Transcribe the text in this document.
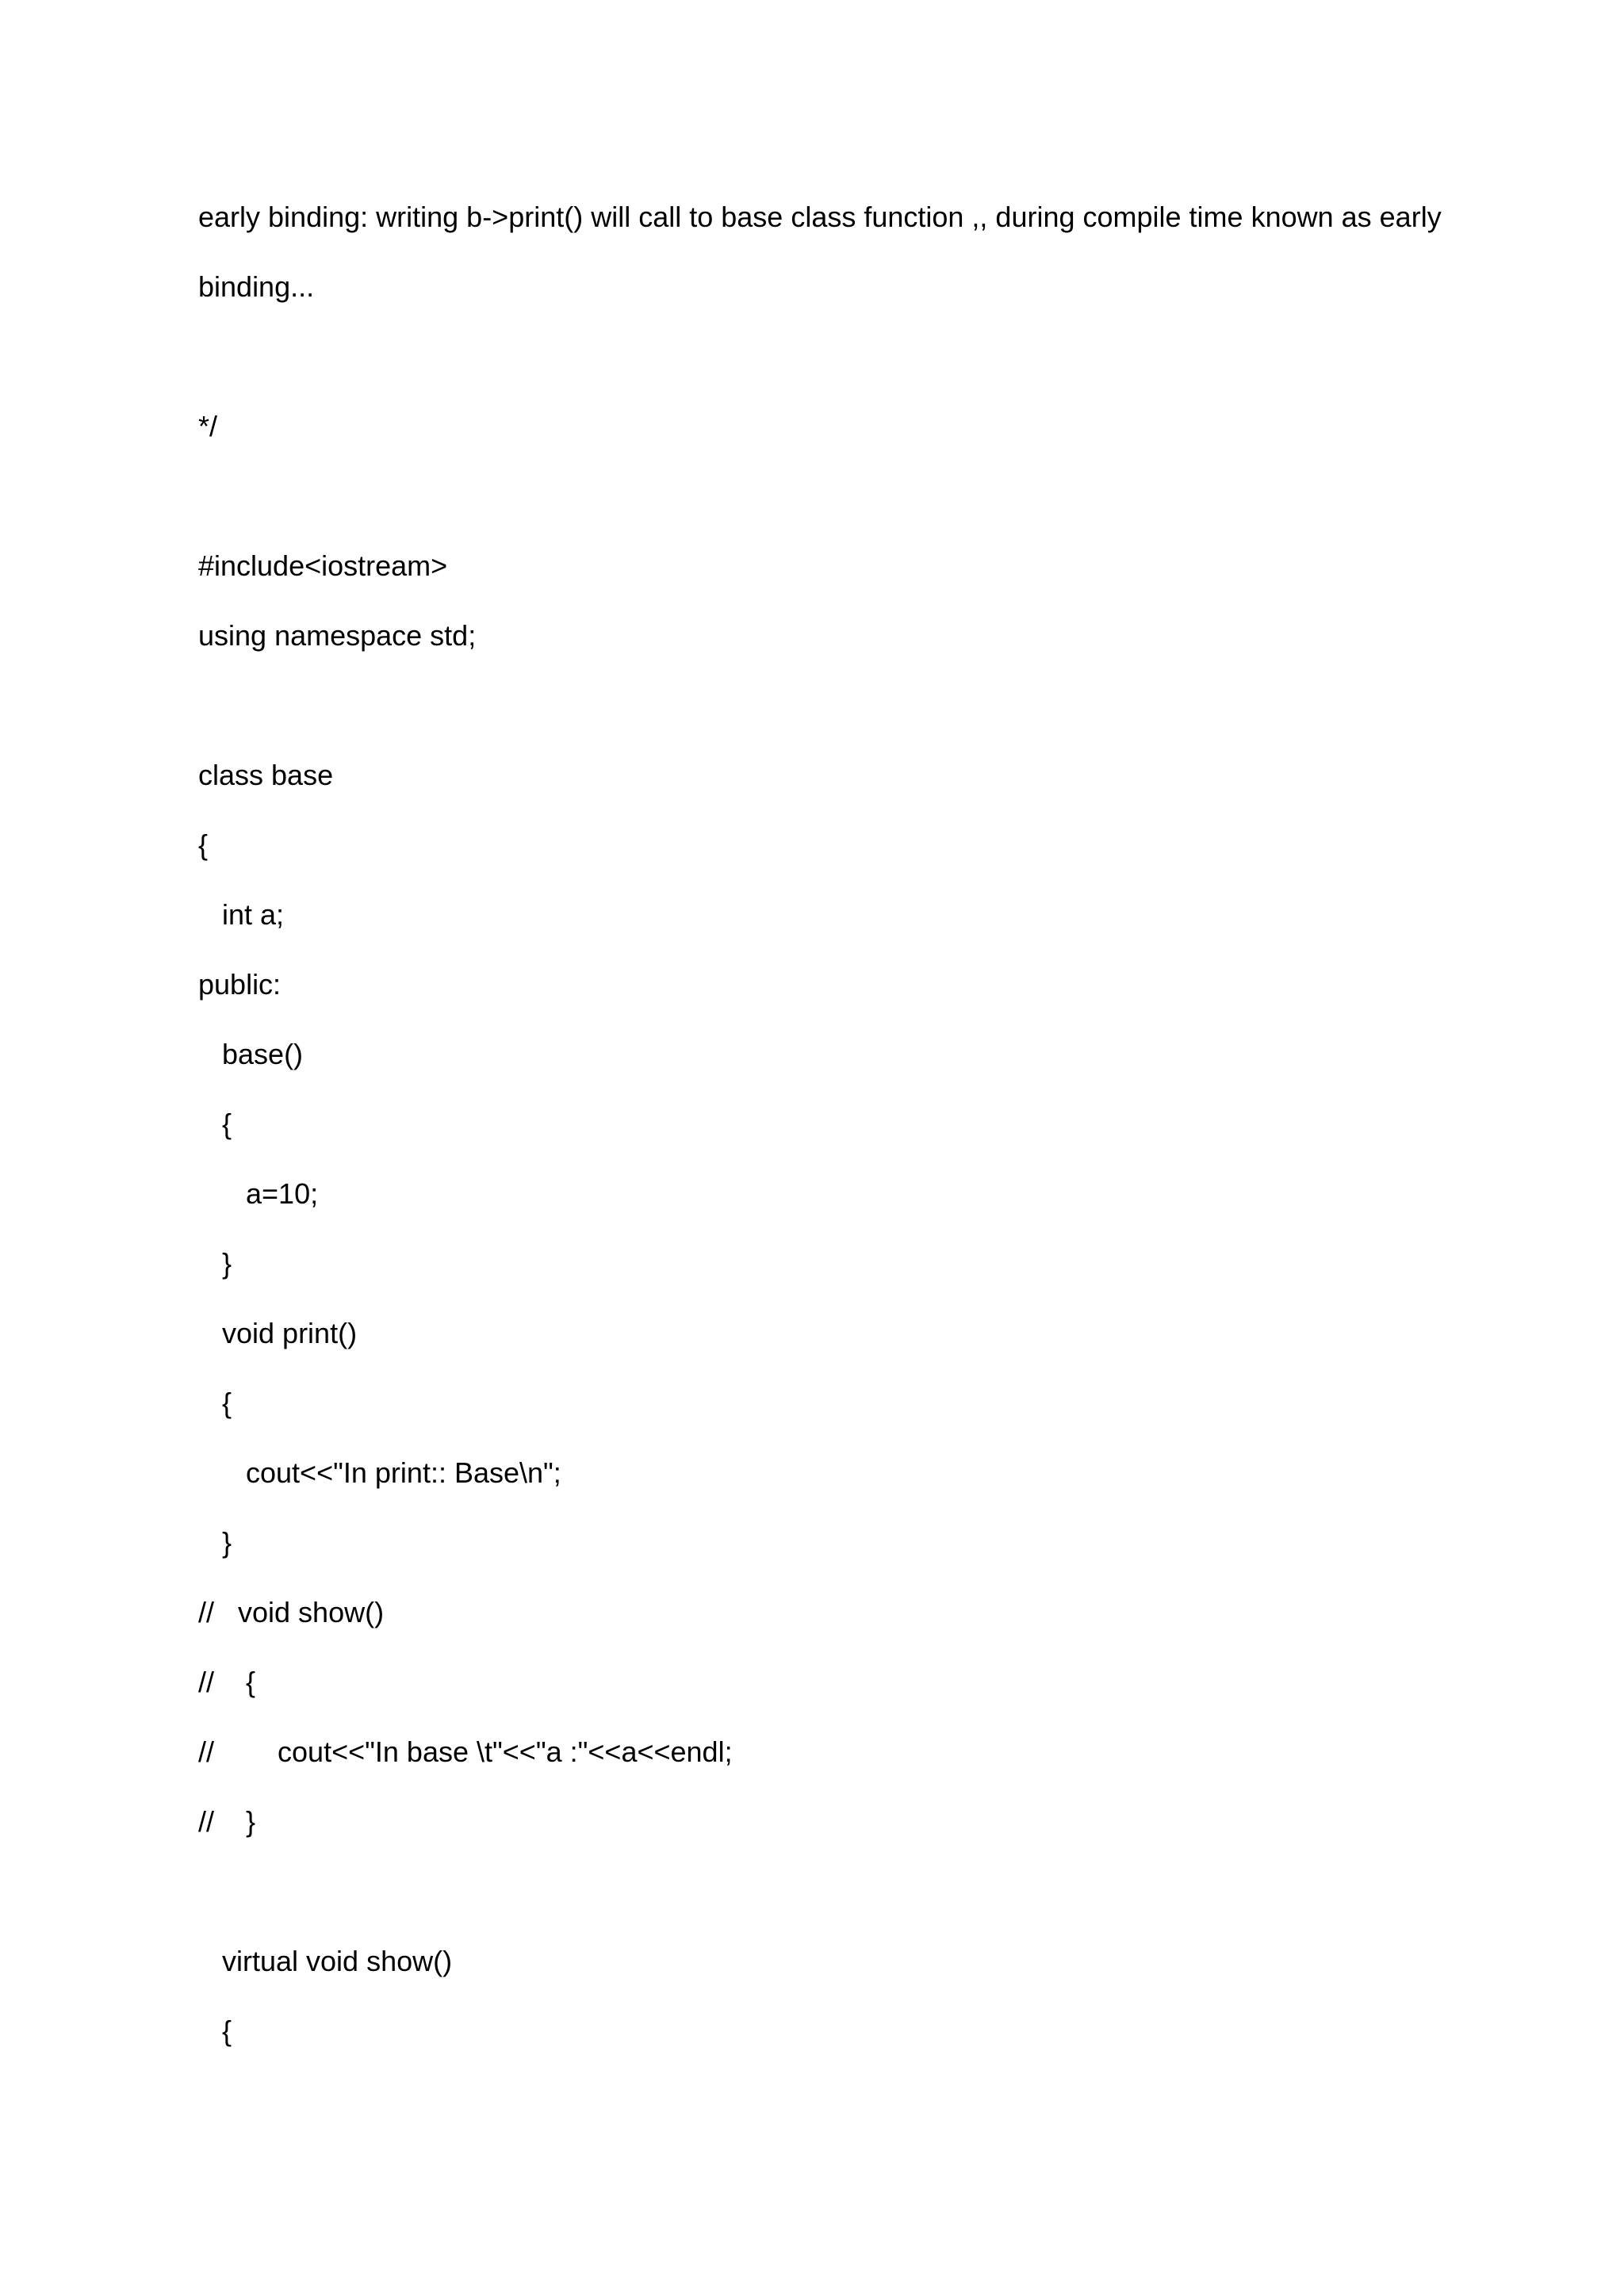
early binding: writing b->print() will call to base class function ,, during compile time known as early
binding...
*/
#include<iostream>
using namespace std;
class base
{
int a;
public:
base()
{
a=10;
}
void print()
{
cout<<"In print:: Base\n";
}
//   void show()
//    {
//        cout<<"In base \t"<<"a :"<<a<<endl;
//    }
virtual void show()
{
